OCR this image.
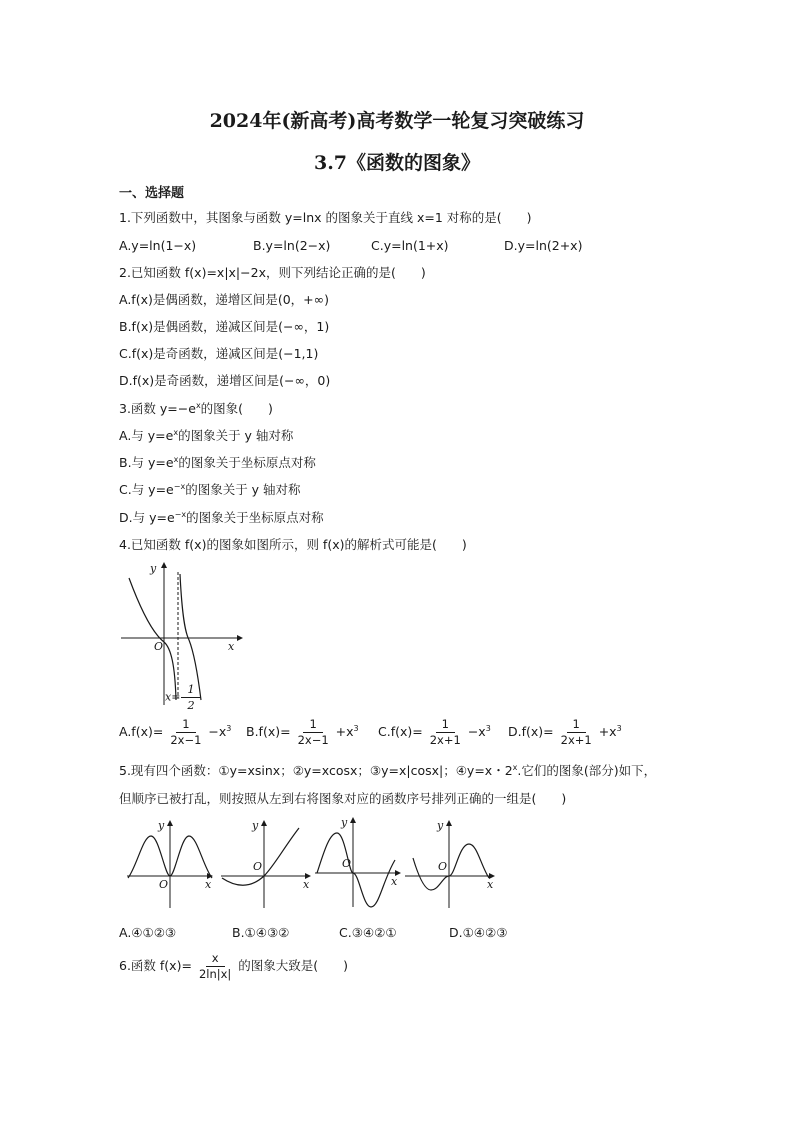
2024年(新高考)高考数学一轮复习突破练习
3.7《函数的图象》
一、选择题
1.下列函数中，其图象与函数 y=lnx 的图象关于直线 x=1 对称的是(　　)
A.y=ln(1−x)	B.y=ln(2−x)	C.y=ln(1+x)	D.y=ln(2+x)
2.已知函数 f(x)=x|x|−2x，则下列结论正确的是(　　)
A.f(x)是偶函数，递增区间是(0，+∞)
B.f(x)是偶函数，递减区间是(−∞，1)
C.f(x)是奇函数，递减区间是(−1,1)
D.f(x)是奇函数，递增区间是(−∞，0)
3.函数 $y=-e^x$的图象(　　)
A.与 $y=e^x$的图象关于 y 轴对称
B.与 $y=e^x$的图象关于坐标原点对称
C.与 $y=e^{-x}$的图象关于 y 轴对称
D.与 $y=e^{-x}$的图象关于坐标原点对称
4.已知函数 f(x)的图象如图所示，则 f(x)的解析式可能是(　　)
y
x
O
$x= \frac{1}{2}$
$A.f(x)= \frac{1}{2x-1} -x^3$ $B.f(x)= \frac{1}{2x-1} +x^3$ $C.f(x)= \frac{1}{2x+1} -x^3$ $D.f(x)= \frac{1}{2x+1} +x^3$
5.现有四个函数：①y=xsinx；②y=xcosx；③y=x|cosx|；④y=x・2$^x$.它们的图象(部分)如下，
但顺序已被打乱，则按照从左到右将图象对应的函数序号排列正确的一组是(　　)
y
x
O
y
x
O
y
x
O
y
x
O
A.④①②③	B.①④③②	C.③④②①	D.①④②③
6.函数 $f(x)= \frac{x}{2\ln|x|}$ 的图象大致是(　　)
